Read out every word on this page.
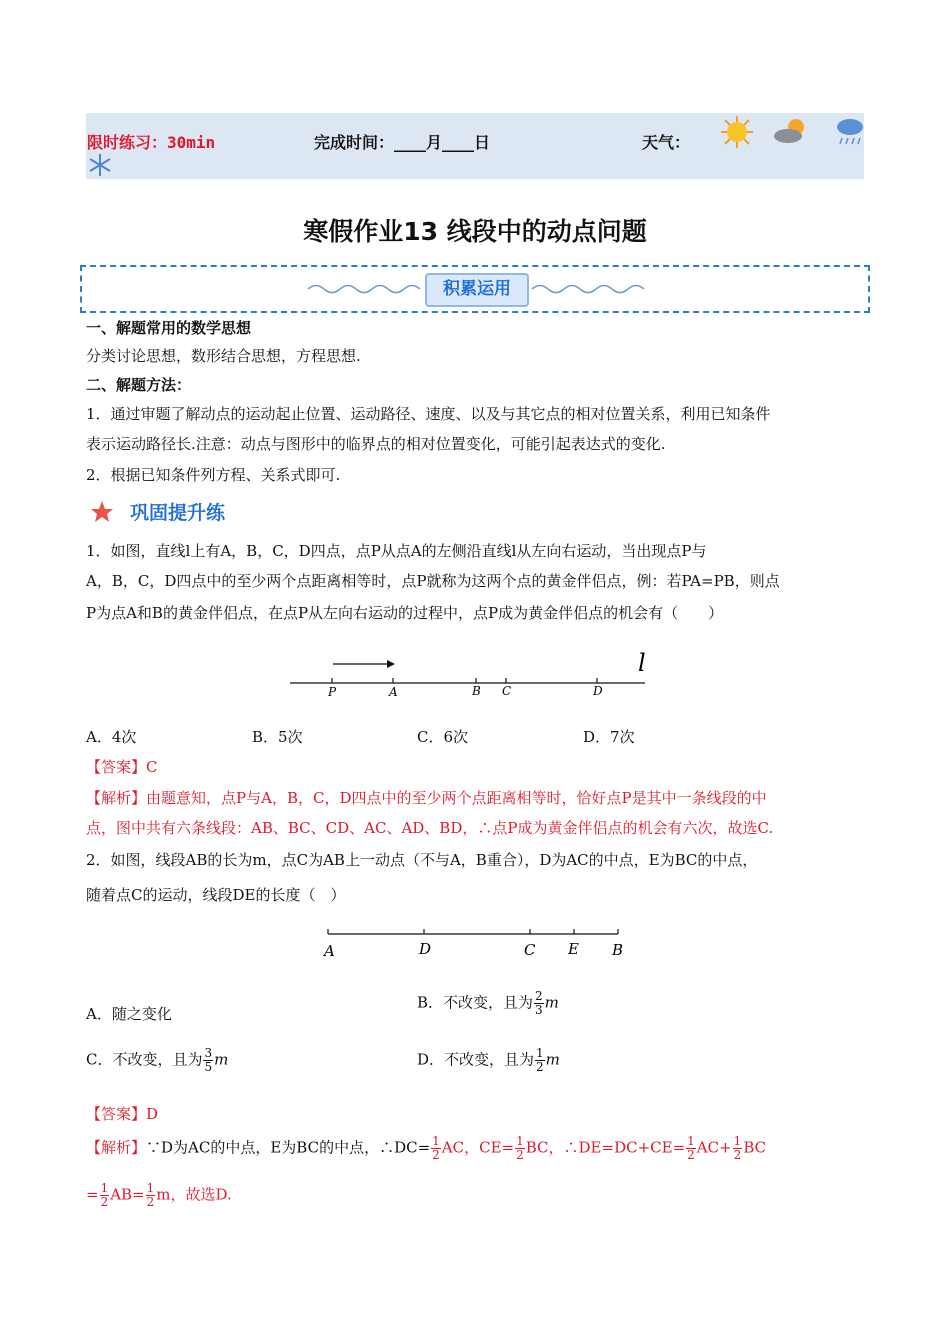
限时练习：30min	完成时间：____月____日	天气：
寒假作业13 线段中的动点问题
积累运用
一、解题常用的数学思想
分类讨论思想，数形结合思想，方程思想.
二、解题方法：
1．通过审题了解动点的运动起止位置、运动路径、速度、以及与其它点的相对位置关系，利用已知条件
表示运动路径长.注意：动点与图形中的临界点的相对位置变化，可能引起表达式的变化.
2．根据已知条件列方程、关系式即可.
巩固提升练
1．如图，直线l上有A，B，C，D四点，点P从点A的左侧沿直线l从左向右运动，当出现点P与
A，B，C，D四点中的至少两个点距离相等时，点P就称为这两个点的黄金伴侣点，例：若PA=PB，则点
P为点A和B的黄金伴侣点，在点P从左向右运动的过程中，点P成为黄金伴侣点的机会有（　　）
P	A	B C	D
l
A．4次	B．5次	C．6次	D．7次
【答案】C
【解析】由题意知，点P与A，B，C，D四点中的至少两个点距离相等时，恰好点P是其中一条线段的中
点，图中共有六条线段：AB、BC、CD、AC、AD、BD，∴点P成为黄金伴侣点的机会有六次，故选C.
2．如图，线段AB的长为m，点C为AB上一动点（不与A，B重合），D为AC的中点，E为BC的中点，
随着点C的运动，线段DE的长度（　）
A	D	C E B
A．随之变化
B．不改变，且为 $\frac{2}{3}$ m
C．不改变，且为 $\frac{3}{5}$ m	D．不改变，且为 $\frac{1}{2}$ m
【答案】D
【解析】∵D为AC的中点，E为BC的中点，∴DC= $\frac{1}{2}$ AC，$CE= \frac{1}{2}$ BC，∴DE=DC+CE= $\frac{1}{2} AC+ \frac{1}{2}$ BC
= $\frac{1}{2} AB= \frac{1}{2}$ m，故选D.
